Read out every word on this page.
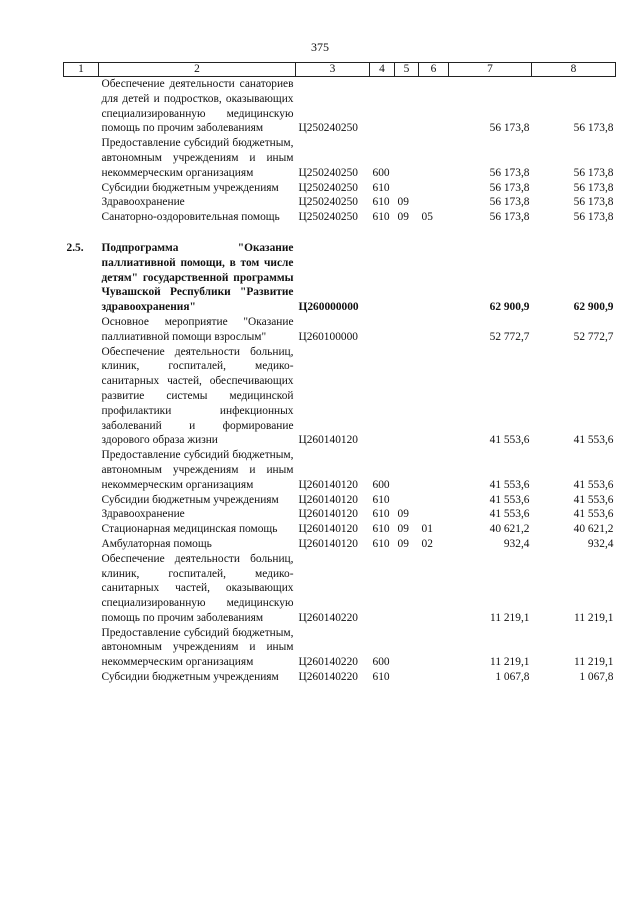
375
1	2	3	4	5	6	7	8
	Обеспечение деятельности санаториев для детей и подростков, оказывающих специализированную медицинскую помощь по прочим заболеваниям	Ц250240250				56 173,8	56 173,8
	Предоставление субсидий бюджетным, автономным учреждениям и иным некоммерческим организациям	Ц250240250	600			56 173,8	56 173,8
	Субсидии бюджетным учреждениям	Ц250240250	610			56 173,8	56 173,8
	Здравоохранение	Ц250240250	610	09		56 173,8	56 173,8
	Санаторно-оздоровительная помощь	Ц250240250	610	09	05	56 173,8	56 173,8

2.5.	Подпрограмма "Оказание паллиативной помощи, в том числе детям" государственной программы Чувашской Республики "Развитие здравоохранения"	Ц260000000				62 900,9	62 900,9
	Основное мероприятие "Оказание паллиативной помощи взрослым"	Ц260100000				52 772,7	52 772,7
	Обеспечение деятельности больниц, клиник, госпиталей, медико-санитарных частей, обеспечивающих развитие системы медицинской профилактики инфекционных заболеваний и формирование здорового образа жизни	Ц260140120				41 553,6	41 553,6
	Предоставление субсидий бюджетным, автономным учреждениям и иным некоммерческим организациям	Ц260140120	600			41 553,6	41 553,6
	Субсидии бюджетным учреждениям	Ц260140120	610			41 553,6	41 553,6
	Здравоохранение	Ц260140120	610	09		41 553,6	41 553,6
	Стационарная медицинская помощь	Ц260140120	610	09	01	40 621,2	40 621,2
	Амбулаторная помощь	Ц260140120	610	09	02	932,4	932,4
	Обеспечение деятельности больниц, клиник, госпиталей, медико-санитарных частей, оказывающих специализированную медицинскую помощь по прочим заболеваниям	Ц260140220				11 219,1	11 219,1
	Предоставление субсидий бюджетным, автономным учреждениям и иным некоммерческим организациям	Ц260140220	600			11 219,1	11 219,1
	Субсидии бюджетным учреждениям	Ц260140220	610			1 067,8	1 067,8
